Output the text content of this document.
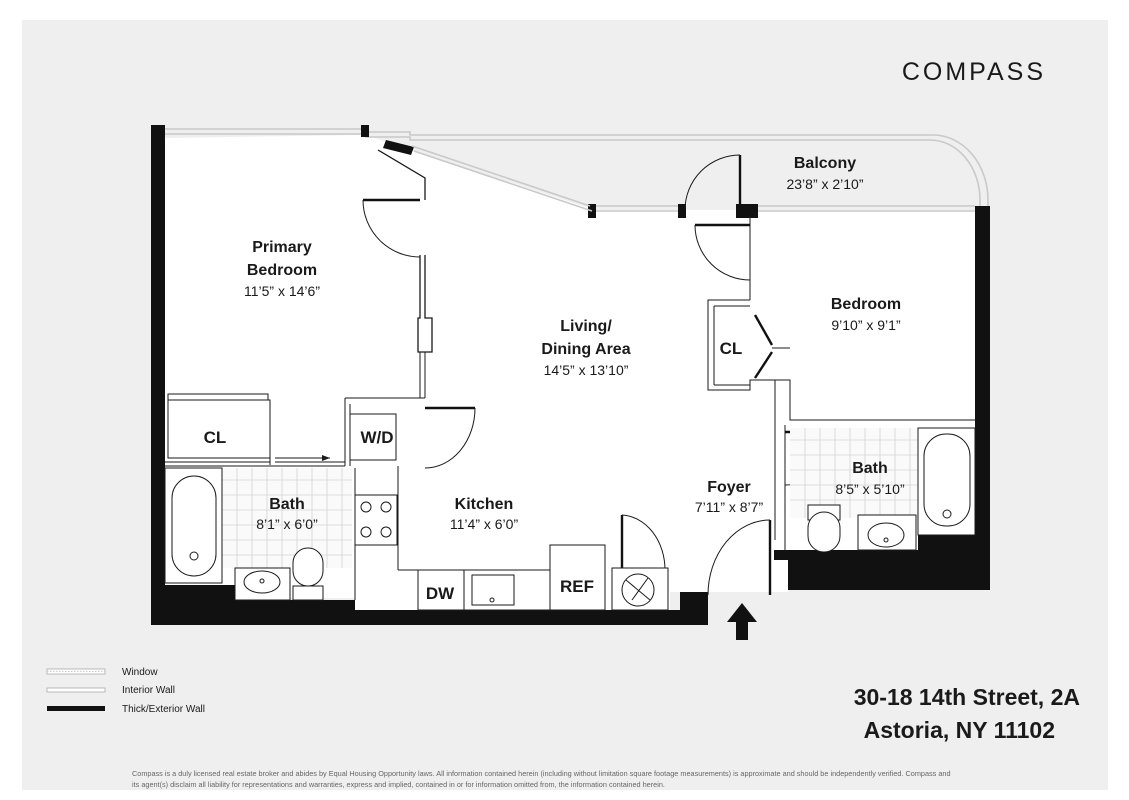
Primary
Bedroom
11’5” x 14’6”
Living/
Dining Area
14’5” x 13’10”
Balcony
23’8” x 2’10”
Bedroom
9’10” x 9’1”
Bath
8’1” x 6’0”
Bath
8’5” x 5’10”
Kitchen
11’4” x 6’0”
Foyer
7’11” x 8’7”
CL
CL
W/D
DW	REF
Window
Interior Wall
Thick/Exterior Wall	30-18 14th Street, 2A
Astoria, NY 11102
COMPASS
Compass is a duly licensed real estate broker and abides by Equal Housing Opportunity laws. All information contained herein (including without limitation square footage measurements) is approximate and should be independently verified. Compass and
its agent(s) disclaim all liability for representations and warranties, express and implied, contained in or for information omitted from, the information contained herein.
